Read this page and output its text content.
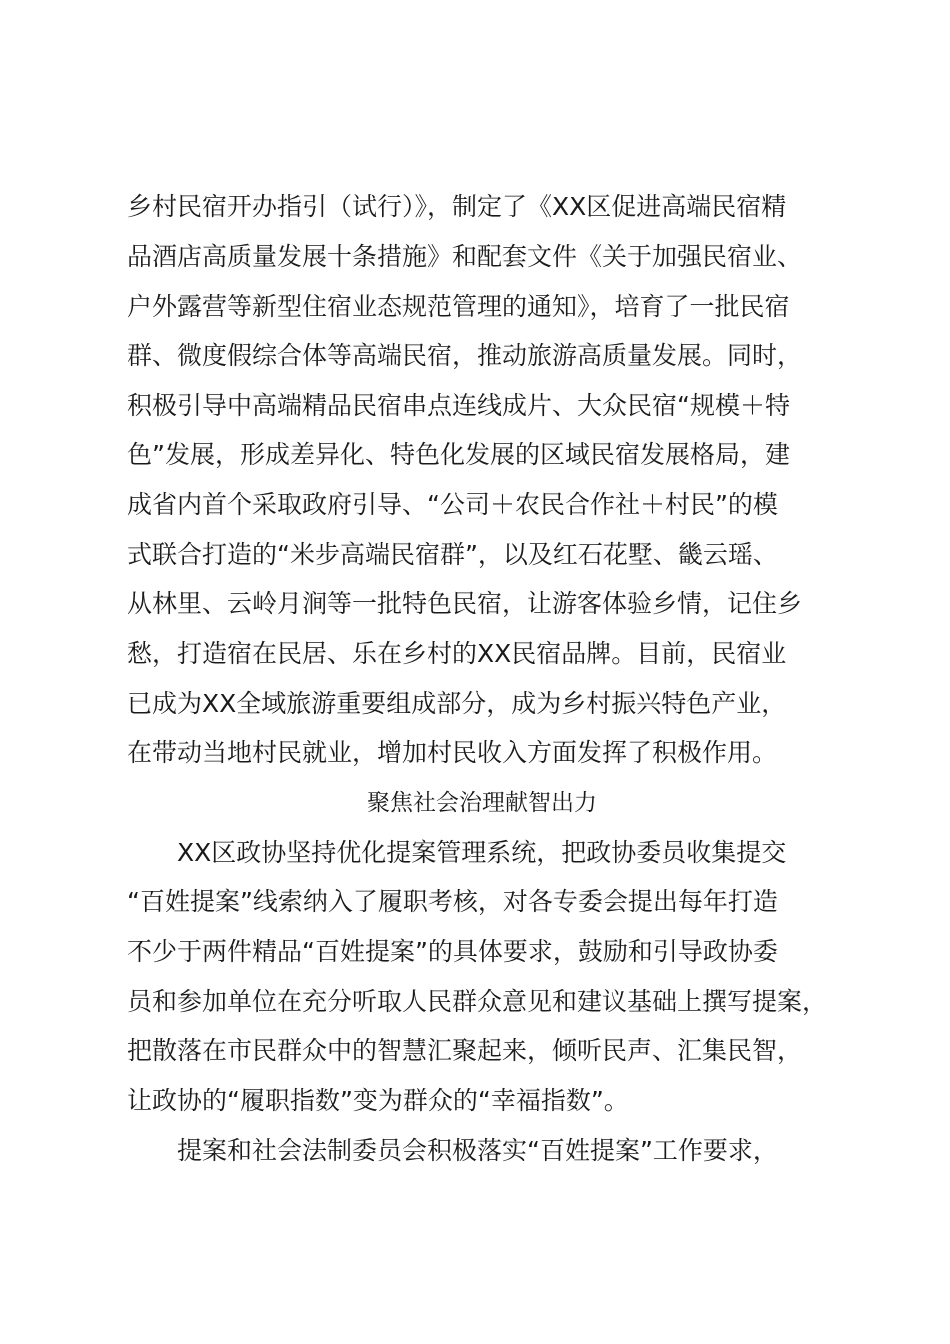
乡村民宿开办指引（试行）》，制定了《XX区促进高端民宿精
品酒店高质量发展十条措施》和配套文件《关于加强民宿业、
户外露营等新型住宿业态规范管理的通知》，培育了一批民宿
群、微度假综合体等高端民宿，推动旅游高质量发展。同时，
积极引导中高端精品民宿串点连线成片、大众民宿“规模＋特
色”发展，形成差异化、特色化发展的区域民宿发展格局，建
成省内首个采取政府引导、“公司＋农民合作社＋村民”的模
式联合打造的“米步高端民宿群”，以及红石花墅、畿云瑶、
从林里、云岭月涧等一批特色民宿，让游客体验乡情，记住乡
愁，打造宿在民居、乐在乡村的XX民宿品牌。目前，民宿业
已成为XX全域旅游重要组成部分，成为乡村振兴特色产业，
在带动当地村民就业，增加村民收入方面发挥了积极作用。
聚焦社会治理献智出力
XX区政协坚持优化提案管理系统，把政协委员收集提交
“百姓提案”线索纳入了履职考核，对各专委会提出每年打造
不少于两件精品“百姓提案”的具体要求，鼓励和引导政协委
员和参加单位在充分听取人民群众意见和建议基础上撰写提案，
把散落在市民群众中的智慧汇聚起来，倾听民声、汇集民智，
让政协的“履职指数”变为群众的“幸福指数”。
提案和社会法制委员会积极落实“百姓提案”工作要求，
